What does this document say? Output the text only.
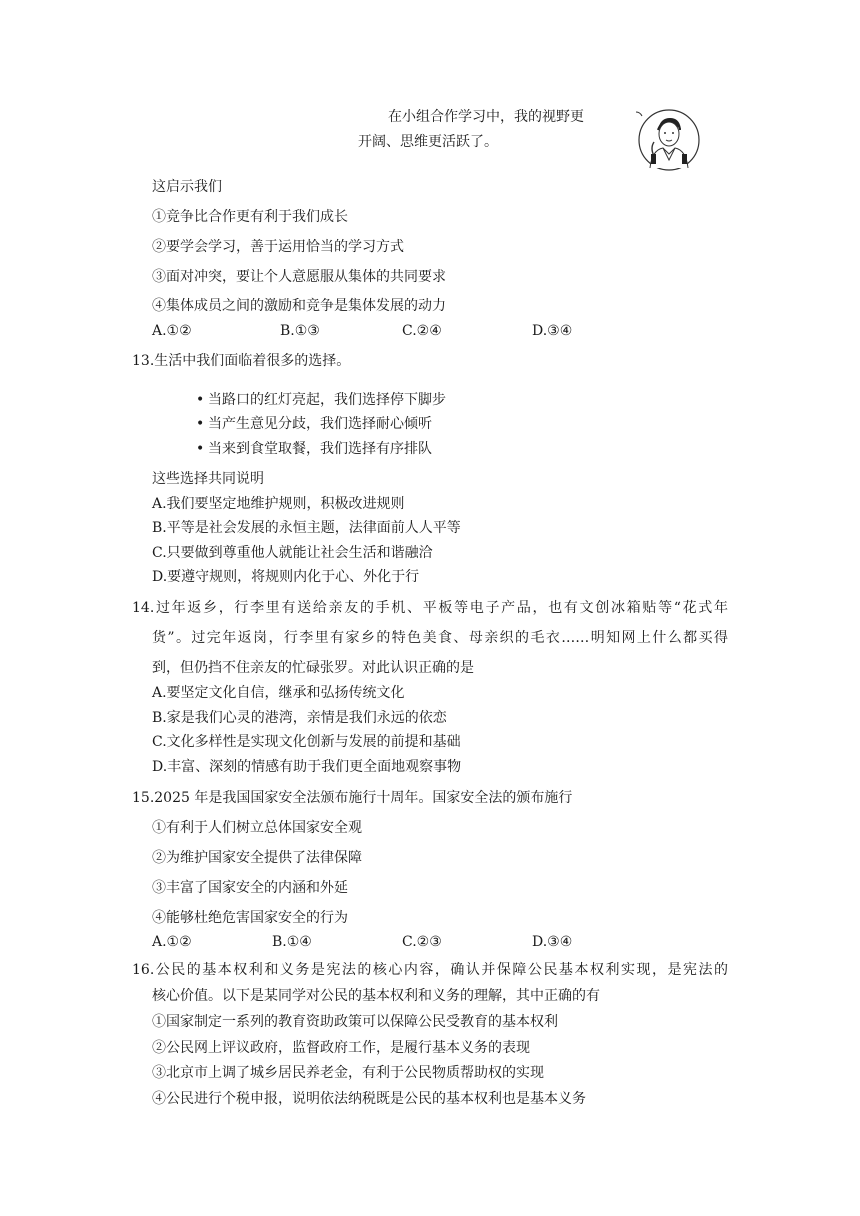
在小组合作学习中，我的视野更
开阔、思维更活跃了。
这启示我们
①竞争比合作更有利于我们成长
②要学会学习，善于运用恰当的学习方式
③面对冲突，要让个人意愿服从集体的共同要求
④集体成员之间的激励和竞争是集体发展的动力
A.①②	B.①③	C.②④	D.③④
13.生活中我们面临着很多的选择。
• 当路口的红灯亮起，我们选择停下脚步
• 当产生意见分歧，我们选择耐心倾听
• 当来到食堂取餐，我们选择有序排队
这些选择共同说明
A.我们要坚定地维护规则，积极改进规则
B.平等是社会发展的永恒主题，法律面前人人平等
C.只要做到尊重他人就能让社会生活和谐融洽
D.要遵守规则，将规则内化于心、外化于行
14.过年返乡，行李里有送给亲友的手机、平板等电子产品，也有文创冰箱贴等“花式年
货”。过完年返岗，行李里有家乡的特色美食、母亲织的毛衣……明知网上什么都买得
到，但仍挡不住亲友的忙碌张罗。对此认识正确的是
A.要坚定文化自信，继承和弘扬传统文化
B.家是我们心灵的港湾，亲情是我们永远的依恋
C.文化多样性是实现文化创新与发展的前提和基础
D.丰富、深刻的情感有助于我们更全面地观察事物
15.2025 年是我国国家安全法颁布施行十周年。国家安全法的颁布施行
①有利于人们树立总体国家安全观
②为维护国家安全提供了法律保障
③丰富了国家安全的内涵和外延
④能够杜绝危害国家安全的行为
A.①②	B.①④	C.②③	D.③④
16.公民的基本权利和义务是宪法的核心内容，确认并保障公民基本权利实现，是宪法的
核心价值。以下是某同学对公民的基本权利和义务的理解，其中正确的有
①国家制定一系列的教育资助政策可以保障公民受教育的基本权利
②公民网上评议政府，监督政府工作，是履行基本义务的表现
③北京市上调了城乡居民养老金，有利于公民物质帮助权的实现
④公民进行个税申报，说明依法纳税既是公民的基本权利也是基本义务
